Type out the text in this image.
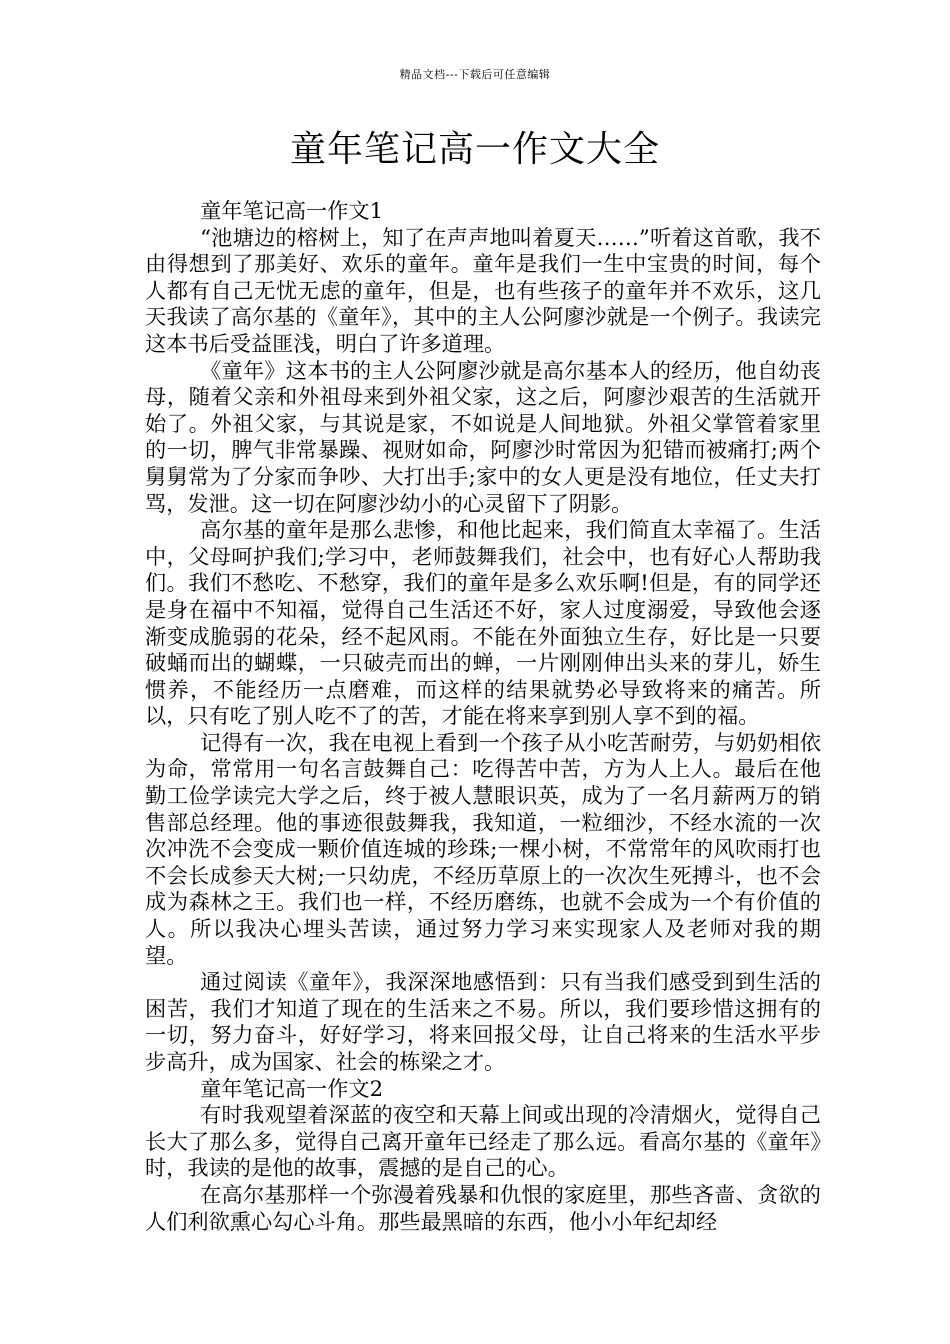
精品文档---下载后可任意编辑
童年笔记高一作文大全

童年笔记高一作文1

“池塘边的榕树上，知了在声声地叫着夏天……”听着这首歌，我不由得想到了那美好、欢乐的童年。童年是我们一生中宝贵的时间，每个人都有自己无忧无虑的童年，但是，也有些孩子的童年并不欢乐，这几天我读了高尔基的《童年》，其中的主人公阿廖沙就是一个例子。我读完这本书后受益匪浅，明白了许多道理。

《童年》这本书的主人公阿廖沙就是高尔基本人的经历，他自幼丧母，随着父亲和外祖母来到外祖父家，这之后，阿廖沙艰苦的生活就开始了。外祖父家，与其说是家，不如说是人间地狱。外祖父掌管着家里的一切，脾气非常暴躁、视财如命，阿廖沙时常因为犯错而被痛打;两个舅舅常为了分家而争吵、大打出手;家中的女人更是没有地位，任丈夫打骂，发泄。这一切在阿廖沙幼小的心灵留下了阴影。

高尔基的童年是那么悲惨，和他比起来，我们简直太幸福了。生活中，父母呵护我们;学习中，老师鼓舞我们，社会中，也有好心人帮助我们。我们不愁吃、不愁穿，我们的童年是多么欢乐啊!但是，有的同学还是身在福中不知福，觉得自己生活还不好，家人过度溺爱，导致他会逐渐变成脆弱的花朵，经不起风雨。不能在外面独立生存，好比是一只要破蛹而出的蝴蝶，一只破壳而出的蝉，一片刚刚伸出头来的芽儿，娇生惯养，不能经历一点磨难，而这样的结果就势必导致将来的痛苦。所以，只有吃了别人吃不了的苦，才能在将来享到别人享不到的福。

记得有一次，我在电视上看到一个孩子从小吃苦耐劳，与奶奶相依为命，常常用一句名言鼓舞自己：吃得苦中苦，方为人上人。最后在他勤工俭学读完大学之后，终于被人慧眼识英，成为了一名月薪两万的销售部总经理。他的事迹很鼓舞我，我知道，一粒细沙，不经水流的一次次冲洗不会变成一颗价值连城的珍珠;一棵小树，不常常年的风吹雨打也不会长成参天大树;一只幼虎，不经历草原上的一次次生死搏斗，也不会成为森林之王。我们也一样，不经历磨练，也就不会成为一个有价值的人。所以我决心埋头苦读，通过努力学习来实现家人及老师对我的期望。

通过阅读《童年》，我深深地感悟到：只有当我们感受到到生活的困苦，我们才知道了现在的生活来之不易。所以，我们要珍惜这拥有的一切，努力奋斗，好好学习，将来回报父母，让自己将来的生活水平步步高升，成为国家、社会的栋梁之才。

童年笔记高一作文2

有时我观望着深蓝的夜空和天幕上间或出现的冷清烟火，觉得自己长大了那么多，觉得自己离开童年已经走了那么远。看高尔基的《童年》时，我读的是他的故事，震撼的是自己的心。

在高尔基那样一个弥漫着残暴和仇恨的家庭里，那些吝啬、贪欲的人们利欲熏心勾心斗角。那些最黑暗的东西，他小小年纪却经
